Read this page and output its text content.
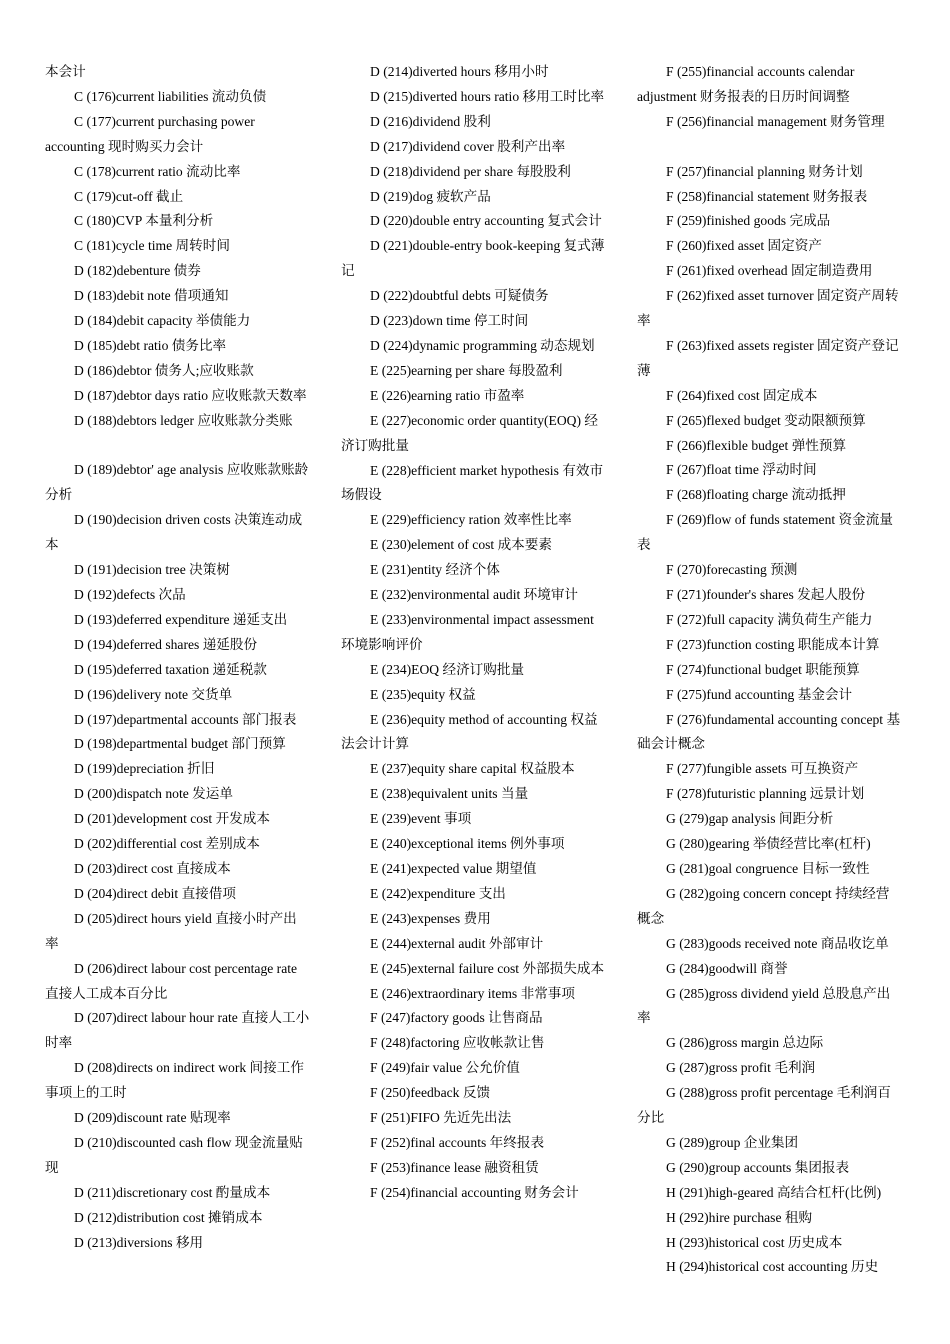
本会计

C (176)current liabilities 流动负债

C (177)current purchasing power accounting 现时购买力会计

C (178)current ratio 流动比率

C (179)cut-off 截止

C (180)CVP 本量利分析

C (181)cycle time 周转时间

D (182)debenture 债券

D (183)debit note 借项通知

D (184)debit capacity 举债能力

D (185)debt ratio 债务比率

D (186)debtor 债务人;应收账款

D (187)debtor days ratio 应收账款天数率

D (188)debtors ledger 应收账款分类账

D (189)debtor' age analysis 应收账款账龄分析

D (190)decision driven costs 决策连动成本

D (191)decision tree 决策树

D (192)defects 次品

D (193)deferred expenditure 递延支出

D (194)deferred shares 递延股份

D (195)deferred taxation 递延税款

D (196)delivery note 交货单

D (197)departmental accounts 部门报表

D (198)departmental budget 部门预算

D (199)depreciation 折旧

D (200)dispatch note 发运单

D (201)development cost 开发成本

D (202)differential cost 差别成本

D (203)direct cost 直接成本

D (204)direct debit 直接借项

D (205)direct hours yield 直接小时产出率

D (206)direct labour cost percentage rate 直接人工成本百分比

D (207)direct labour hour rate 直接人工小时率

D (208)directs on indirect work 间接工作事项上的工时

D (209)discount rate 贴现率

D (210)discounted cash flow 现金流量贴现

D (211)discretionary cost 酌量成本

D (212)distribution cost 摊销成本

D (213)diversions 移用

D (214)diverted hours 移用小时

D (215)diverted hours ratio 移用工时比率

D (216)dividend 股利

D (217)dividend cover 股利产出率

D (218)dividend per share 每股股利

D (219)dog 疲软产品

D (220)double entry accounting 复式会计

D (221)double-entry book-keeping 复式薄记

D (222)doubtful debts 可疑债务

D (223)down time 停工时间

D (224)dynamic programming 动态规划

E (225)earning per share 每股盈利

E (226)earning ratio 市盈率

E (227)economic order quantity(EOQ) 经济订购批量

E (228)efficient market hypothesis 有效市场假设

E (229)efficiency ration 效率性比率

E (230)element of cost 成本要素

E (231)entity 经济个体

E (232)environmental audit 环境审计

E (233)environmental impact assessment 环境影响评价

E (234)EOQ 经济订购批量

E (235)equity 权益

E (236)equity method of accounting 权益法会计计算

E (237)equity share capital 权益股本

E (238)equivalent units 当量

E (239)event 事项

E (240)exceptional items 例外事项

E (241)expected value 期望值

E (242)expenditure 支出

E (243)expenses 费用

E (244)external audit 外部审计

E (245)external failure cost 外部损失成本

E (246)extraordinary items 非常事项

F (247)factory goods 让售商品

F (248)factoring 应收帐款让售

F (249)fair value 公允价值

F (250)feedback 反馈

F (251)FIFO 先近先出法

F (252)final accounts 年终报表

F (253)finance lease 融资租赁

F (254)financial accounting 财务会计

F (255)financial accounts calendar adjustment 财务报表的日历时间调整

F (256)financial management 财务管理

F (257)financial planning 财务计划

F (258)financial statement 财务报表

F (259)finished goods 完成品

F (260)fixed asset 固定资产

F (261)fixed overhead 固定制造费用

F (262)fixed asset turnover 固定资产周转率

F (263)fixed assets register 固定资产登记薄

F (264)fixed cost 固定成本

F (265)flexed budget 变动限额预算

F (266)flexible budget 弹性预算

F (267)float time 浮动时间

F (268)floating charge 流动抵押

F (269)flow of funds statement 资金流量表

F (270)forecasting 预测

F (271)founder's shares 发起人股份

F (272)full capacity 满负荷生产能力

F (273)function costing 职能成本计算

F (274)functional budget 职能预算

F (275)fund accounting 基金会计

F (276)fundamental accounting concept 基础会计概念

F (277)fungible assets 可互换资产

F (278)futuristic planning 远景计划

G (279)gap analysis 间距分析

G (280)gearing 举债经营比率(杠杆)

G (281)goal congruence 目标一致性

G (282)going concern concept 持续经营概念

G (283)goods received note 商品收讫单

G (284)goodwill 商誉

G (285)gross dividend yield 总股息产出率

G (286)gross margin 总边际

G (287)gross profit 毛利润

G (288)gross profit percentage 毛利润百分比

G (289)group 企业集团

G (290)group accounts 集团报表

H (291)high-geared 高结合杠杆(比例)

H (292)hire purchase 租购

H (293)historical cost 历史成本

H (294)historical cost accounting 历史
